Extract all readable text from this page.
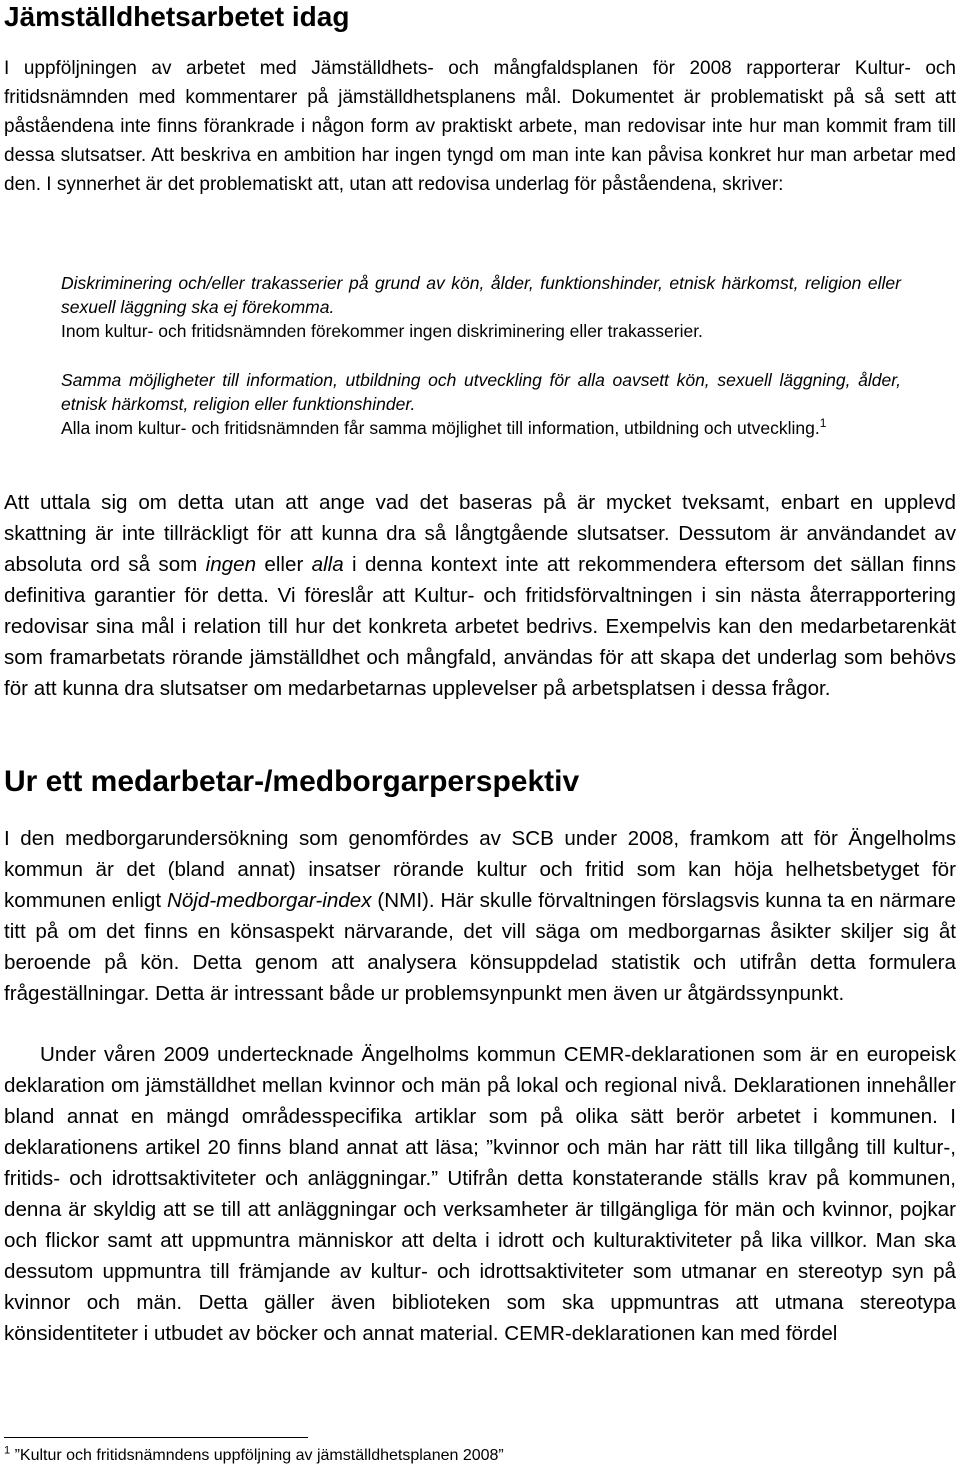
Jämställdhetsarbetet idag

I uppföljningen av arbetet med Jämställdhets- och mångfaldsplanen för 2008 rapporterar Kultur- och fritidsnämnden med kommentarer på jämställdhetsplanens mål. Dokumentet är problematiskt på så sett att påståendena inte finns förankrade i någon form av praktiskt arbete, man redovisar inte hur man kommit fram till dessa slutsatser. Att beskriva en ambition har ingen tyngd om man inte kan påvisa konkret hur man arbetar med den. I synnerhet är det problematiskt att, utan att redovisa underlag för påståendena, skriver:

Diskriminering och/eller trakasserier på grund av kön, ålder, funktionshinder, etnisk härkomst, religion eller sexuell läggning ska ej förekomma.
Inom kultur- och fritidsnämnden förekommer ingen diskriminering eller trakasserier.

Samma möjligheter till information, utbildning och utveckling för alla oavsett kön, sexuell läggning, ålder, etnisk härkomst, religion eller funktionshinder.
Alla inom kultur- och fritidsnämnden får samma möjlighet till information, utbildning och utveckling.$^1$

Att uttala sig om detta utan att ange vad det baseras på är mycket tveksamt, enbart en upplevd skattning är inte tillräckligt för att kunna dra så långtgående slutsatser. Dessutom är användandet av absoluta ord så som ingen eller alla i denna kontext inte att rekommendera eftersom det sällan finns definitiva garantier för detta. Vi föreslår att Kultur- och fritidsförvaltningen i sin nästa återrapportering redovisar sina mål i relation till hur det konkreta arbetet bedrivs. Exempelvis kan den medarbetarenkät som framarbetats rörande jämställdhet och mångfald, användas för att skapa det underlag som behövs för att kunna dra slutsatser om medarbetarnas upplevelser på arbetsplatsen i dessa frågor.

Ur ett medarbetar-/medborgarperspektiv

I den medborgarundersökning som genomfördes av SCB under 2008, framkom att för Ängelholms kommun är det (bland annat) insatser rörande kultur och fritid som kan höja helhetsbetyget för kommunen enligt Nöjd-medborgar-index (NMI). Här skulle förvaltningen förslagsvis kunna ta en närmare titt på om det finns en könsaspekt närvarande, det vill säga om medborgarnas åsikter skiljer sig åt beroende på kön. Detta genom att analysera könsuppdelad statistik och utifrån detta formulera frågeställningar. Detta är intressant både ur problemsynpunkt men även ur åtgärdssynpunkt.

Under våren 2009 undertecknade Ängelholms kommun CEMR-deklarationen som är en europeisk deklaration om jämställdhet mellan kvinnor och män på lokal och regional nivå. Deklarationen innehåller bland annat en mängd områdesspecifika artiklar som på olika sätt berör arbetet i kommunen. I deklarationens artikel 20 finns bland annat att läsa; ”kvinnor och män har rätt till lika tillgång till kultur-, fritids- och idrottsaktiviteter och anläggningar.” Utifrån detta konstaterande ställs krav på kommunen, denna är skyldig att se till att anläggningar och verksamheter är tillgängliga för män och kvinnor, pojkar och flickor samt att uppmuntra människor att delta i idrott och kulturaktiviteter på lika villkor. Man ska dessutom uppmuntra till främjande av kultur- och idrottsaktiviteter som utmanar en stereotyp syn på kvinnor och män. Detta gäller även biblioteken som ska uppmuntras att utmana stereotypa könsidentiteter i utbudet av böcker och annat material. CEMR-deklarationen kan med fördel

$^1$ ”Kultur och fritidsnämndens uppföljning av jämställdhetsplanen 2008”
